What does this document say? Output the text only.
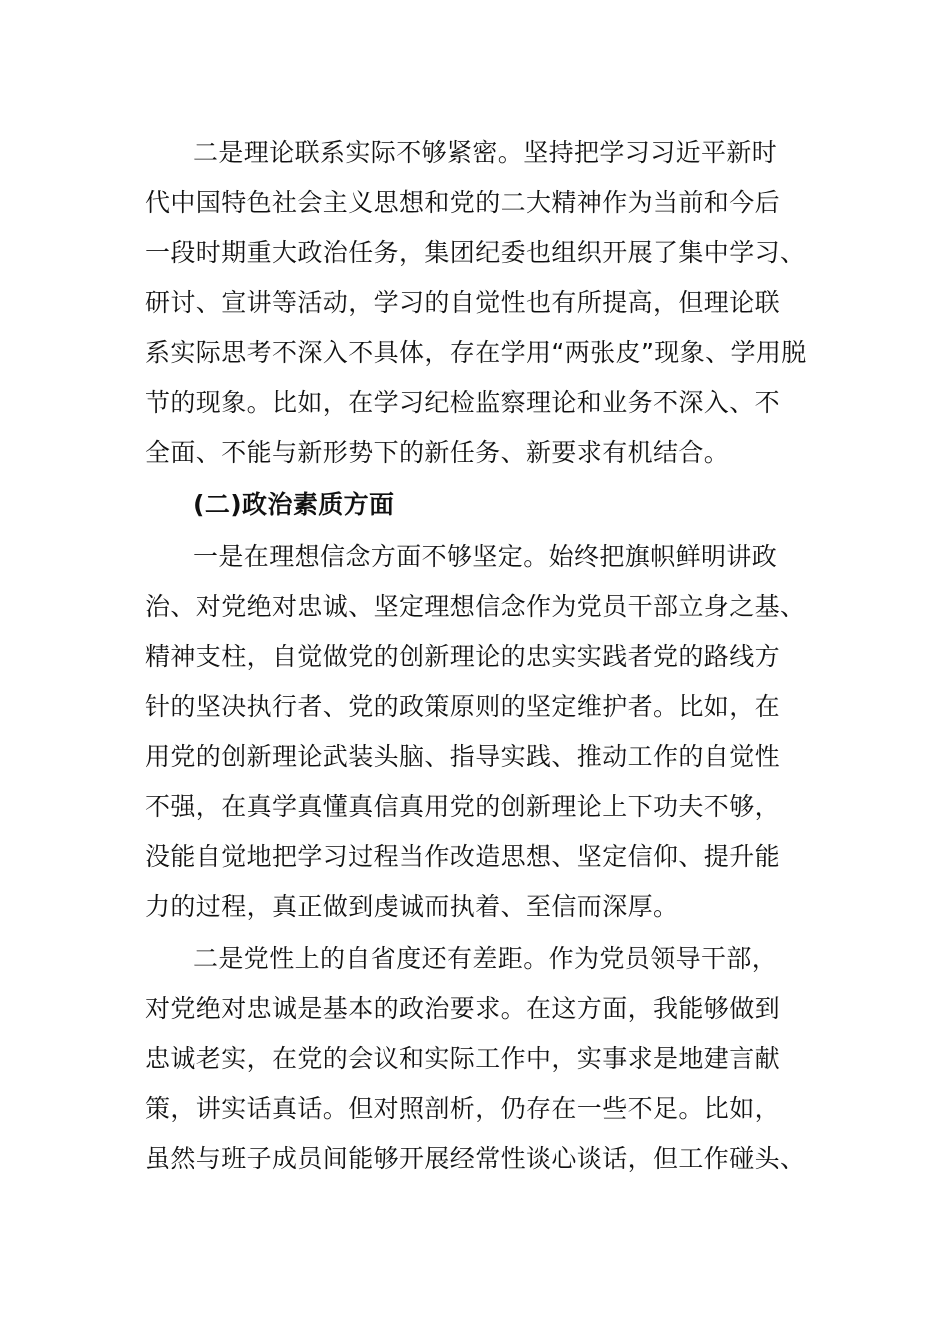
二是理论联系实际不够紧密。坚持把学习习近平新时
代中国特色社会主义思想和党的二大精神作为当前和今后
一段时期重大政治任务，集团纪委也组织开展了集中学习、
研讨、宣讲等活动，学习的自觉性也有所提高，但理论联
系实际思考不深入不具体，存在学用“两张皮”现象、学用脱
节的现象。比如，在学习纪检监察理论和业务不深入、不
全面、不能与新形势下的新任务、新要求有机结合。
(二)政治素质方面
一是在理想信念方面不够坚定。始终把旗帜鲜明讲政
治、对党绝对忠诚、坚定理想信念作为党员干部立身之基、
精神支柱，自觉做党的创新理论的忠实实践者党的路线方
针的坚决执行者、党的政策原则的坚定维护者。比如，在
用党的创新理论武装头脑、指导实践、推动工作的自觉性
不强，在真学真懂真信真用党的创新理论上下功夫不够，
没能自觉地把学习过程当作改造思想、坚定信仰、提升能
力的过程，真正做到虔诚而执着、至信而深厚。
二是党性上的自省度还有差距。作为党员领导干部，
对党绝对忠诚是基本的政治要求。在这方面，我能够做到
忠诚老实，在党的会议和实际工作中，实事求是地建言献
策，讲实话真话。但对照剖析，仍存在一些不足。比如，
虽然与班子成员间能够开展经常性谈心谈话，但工作碰头、
